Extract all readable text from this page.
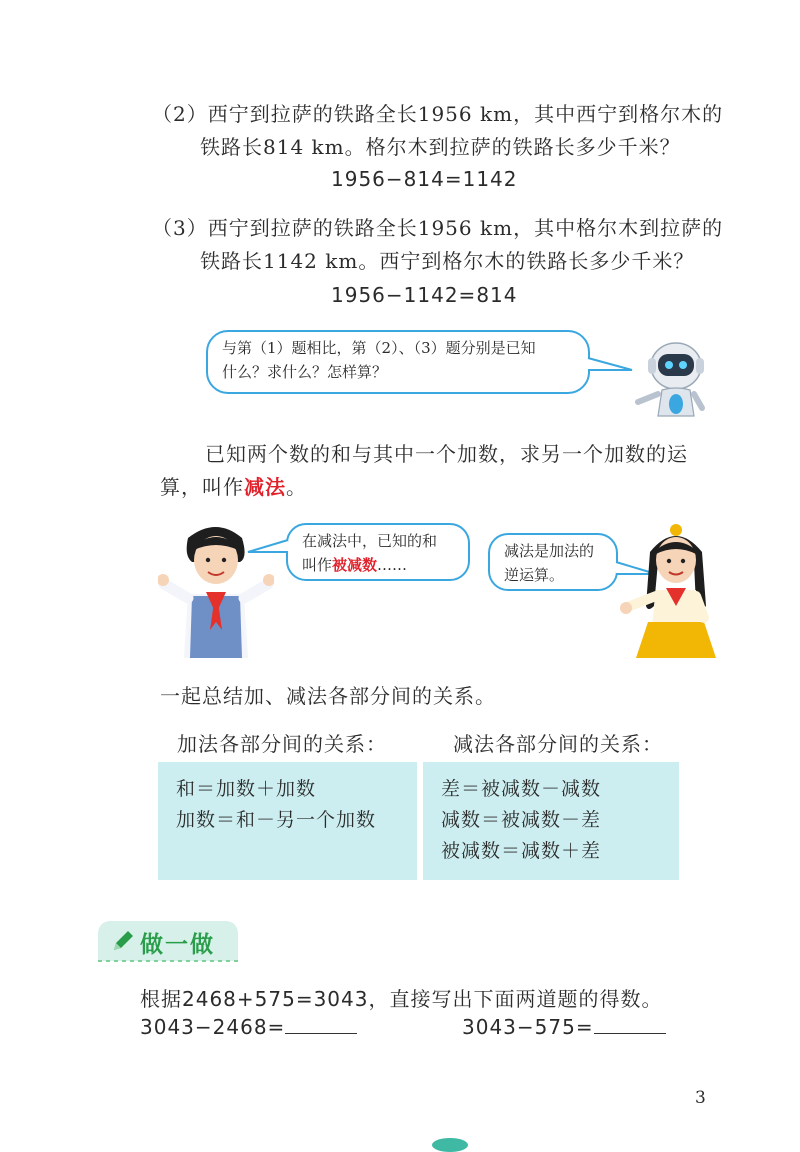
（2）西宁到拉萨的铁路全长1956 km，其中西宁到格尔木的
铁路长814 km。格尔木到拉萨的铁路长多少千米？
1956−814=1142
（3）西宁到拉萨的铁路全长1956 km，其中格尔木到拉萨的
铁路长1142 km。西宁到格尔木的铁路长多少千米？
1956−1142=814
与第（1）题相比，第（2）、（3）题分别是已知
什么？求什么？怎样算？
已知两个数的和与其中一个加数，求另一个加数的运
算，叫作减法。
在减法中，已知的和
叫作被减数……
减法是加法的
逆运算。
一起总结加、减法各部分间的关系。
加法各部分间的关系：	减法各部分间的关系：
和＝加数＋加数
加数＝和－另一个加数
差＝被减数－减数
减数＝被减数－差
被减数＝减数＋差
做一做
根据2468+575=3043，直接写出下面两道题的得数。
3043−2468=	3043−575=
3
